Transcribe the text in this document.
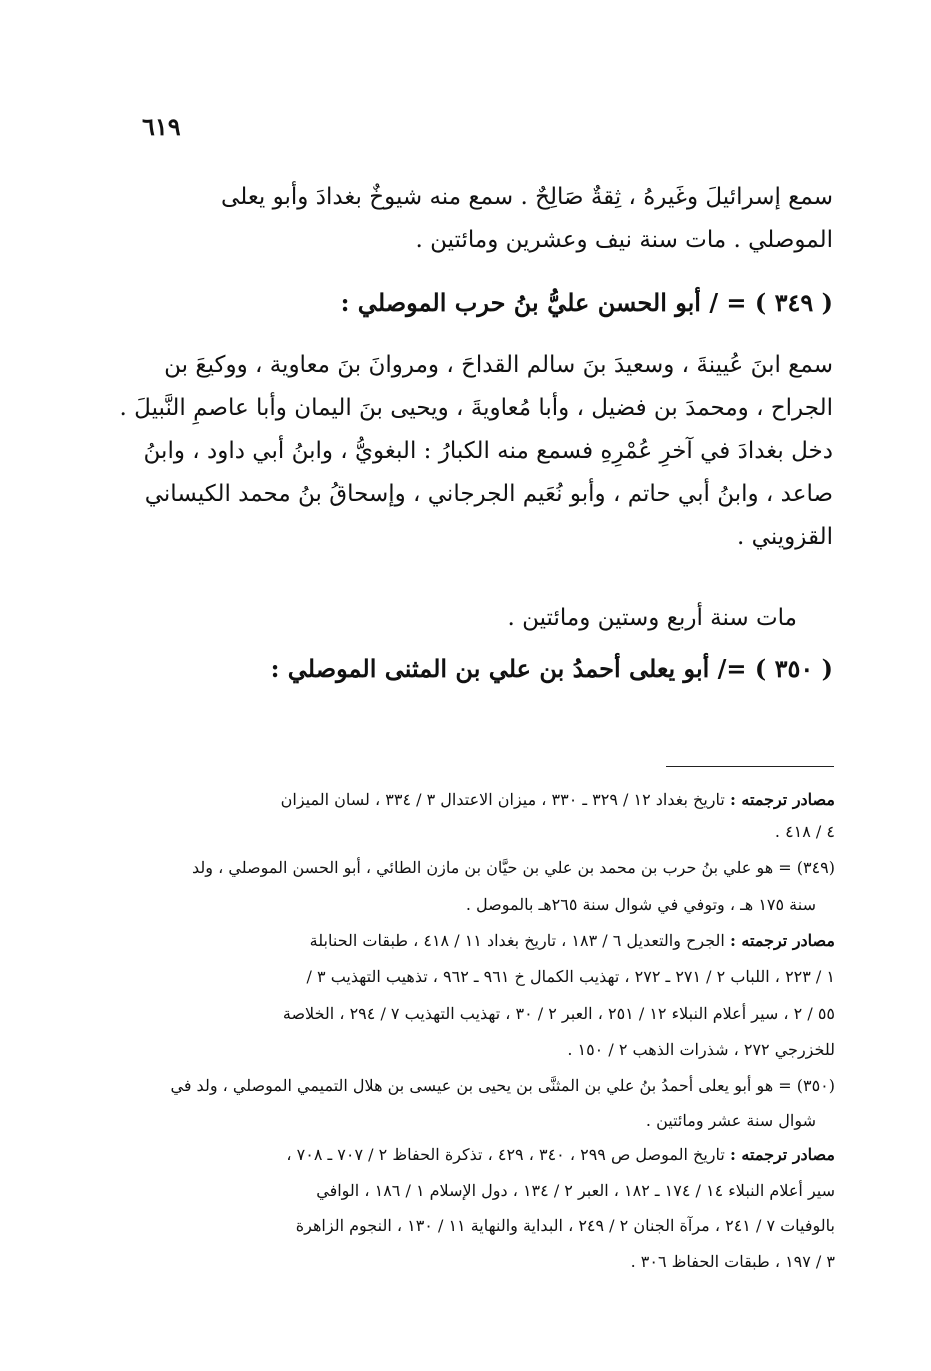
٦١٩
سمع إسرائيلَ وغَيرهُ ، ثِقةٌ صَالِحٌ . سمع منه شيوخٌ بغدادَ وأبو يعلى
الموصلي . مات سنة نيف وعشرين ومائتين .
( ٣٤٩ ) = / أبو الحسن عليُّ بنُ حرب الموصلي :
سمع ابنَ عُيينةَ ، وسعيدَ بنَ سالم القداحَ ، ومروانَ بنَ معاوية ، ووكيعَ بن
الجراح ، ومحمدَ بن فضيل ، وأبا مُعاويةَ ، ويحيى بنَ اليمان وأبا عاصمِ النَّبيلَ .
دخل بغدادَ في آخرِ عُمْرِهِ فسمع منه الكبارُ : البغويُّ ، وابنُ أبي داود ، وابنُ
صاعد ، وابنُ أبي حاتم ، وأبو نُعَيم الجرجاني ، وإسحاقُ بنُ محمد الكيساني
القزويني .
مات سنة أربع وستين ومائتين .
( ٣٥٠ ) =/ أبو يعلى أحمدُ بن علي بن المثنى الموصلي :
مصادر ترجمته : تاريخ بغداد ١٢ / ٣٢٩ ـ ٣٣٠ ، ميزان الاعتدال ٣ / ٣٣٤ ، لسان الميزان
٤ / ٤١٨ .
(٣٤٩) = هو علي بنُ حرب بن محمد بن علي بن حيَّان بن مازن الطائي ، أبو الحسن الموصلي ، ولد
سنة ١٧٥ هـ ، وتوفي في شوال سنة ٢٦٥هـ بالموصل .
مصادر ترجمته : الجرح والتعديل ٦ / ١٨٣ ، تاريخ بغداد ١١ / ٤١٨ ، طبقات الحنابلة
١ / ٢٢٣ ، اللباب ٢ / ٢٧١ ـ ٢٧٢ ، تهذيب الكمال خ ٩٦١ ـ ٩٦٢ ، تذهيب التهذيب ٣ /
٥٥ / ٢ ، سير أعلام النبلاء ١٢ / ٢٥١ ، العبر ٢ / ٣٠ ، تهذيب التهذيب ٧ / ٢٩٤ ، الخلاصة
للخزرجي ٢٧٢ ، شذرات الذهب ٢ / ١٥٠ .
(٣٥٠) = هو أبو يعلى أحمدُ بنُ علي بن المثنَّى بن يحيى بن عيسى بن هلال التميمي الموصلي ، ولد في
شوال سنة عشر ومائتين .
مصادر ترجمته : تاريخ الموصل ص ٢٩٩ ، ٣٤٠ ، ٤٢٩ ، تذكرة الحفاظ ٢ / ٧٠٧ ـ ٧٠٨ ،
سير أعلام النبلاء ١٤ / ١٧٤ ـ ١٨٢ ، العبر ٢ / ١٣٤ ، دول الإسلام ١ / ١٨٦ ، الوافي
بالوفيات ٧ / ٢٤١ ، مرآة الجنان ٢ / ٢٤٩ ، البداية والنهاية ١١ / ١٣٠ ، النجوم الزاهرة
٣ / ١٩٧ ، طبقات الحفاظ ٣٠٦ .
